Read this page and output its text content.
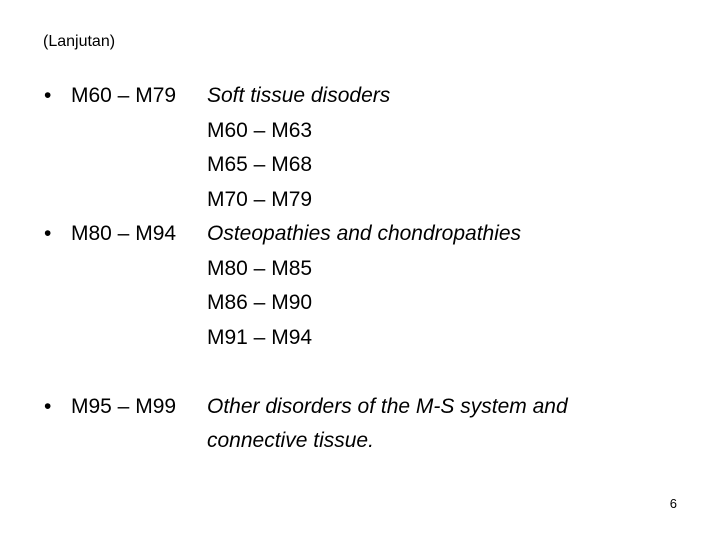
(Lanjutan)
• M60 – M79	Soft tissue disoders
M60 – M63
M65 – M68
M70 – M79
• M80 – M94	Osteopathies and chondropathies
M80 – M85
M86 – M90
M91 – M94
• M95 – M99	Other disorders of the M-S system and
connective tissue.
6
